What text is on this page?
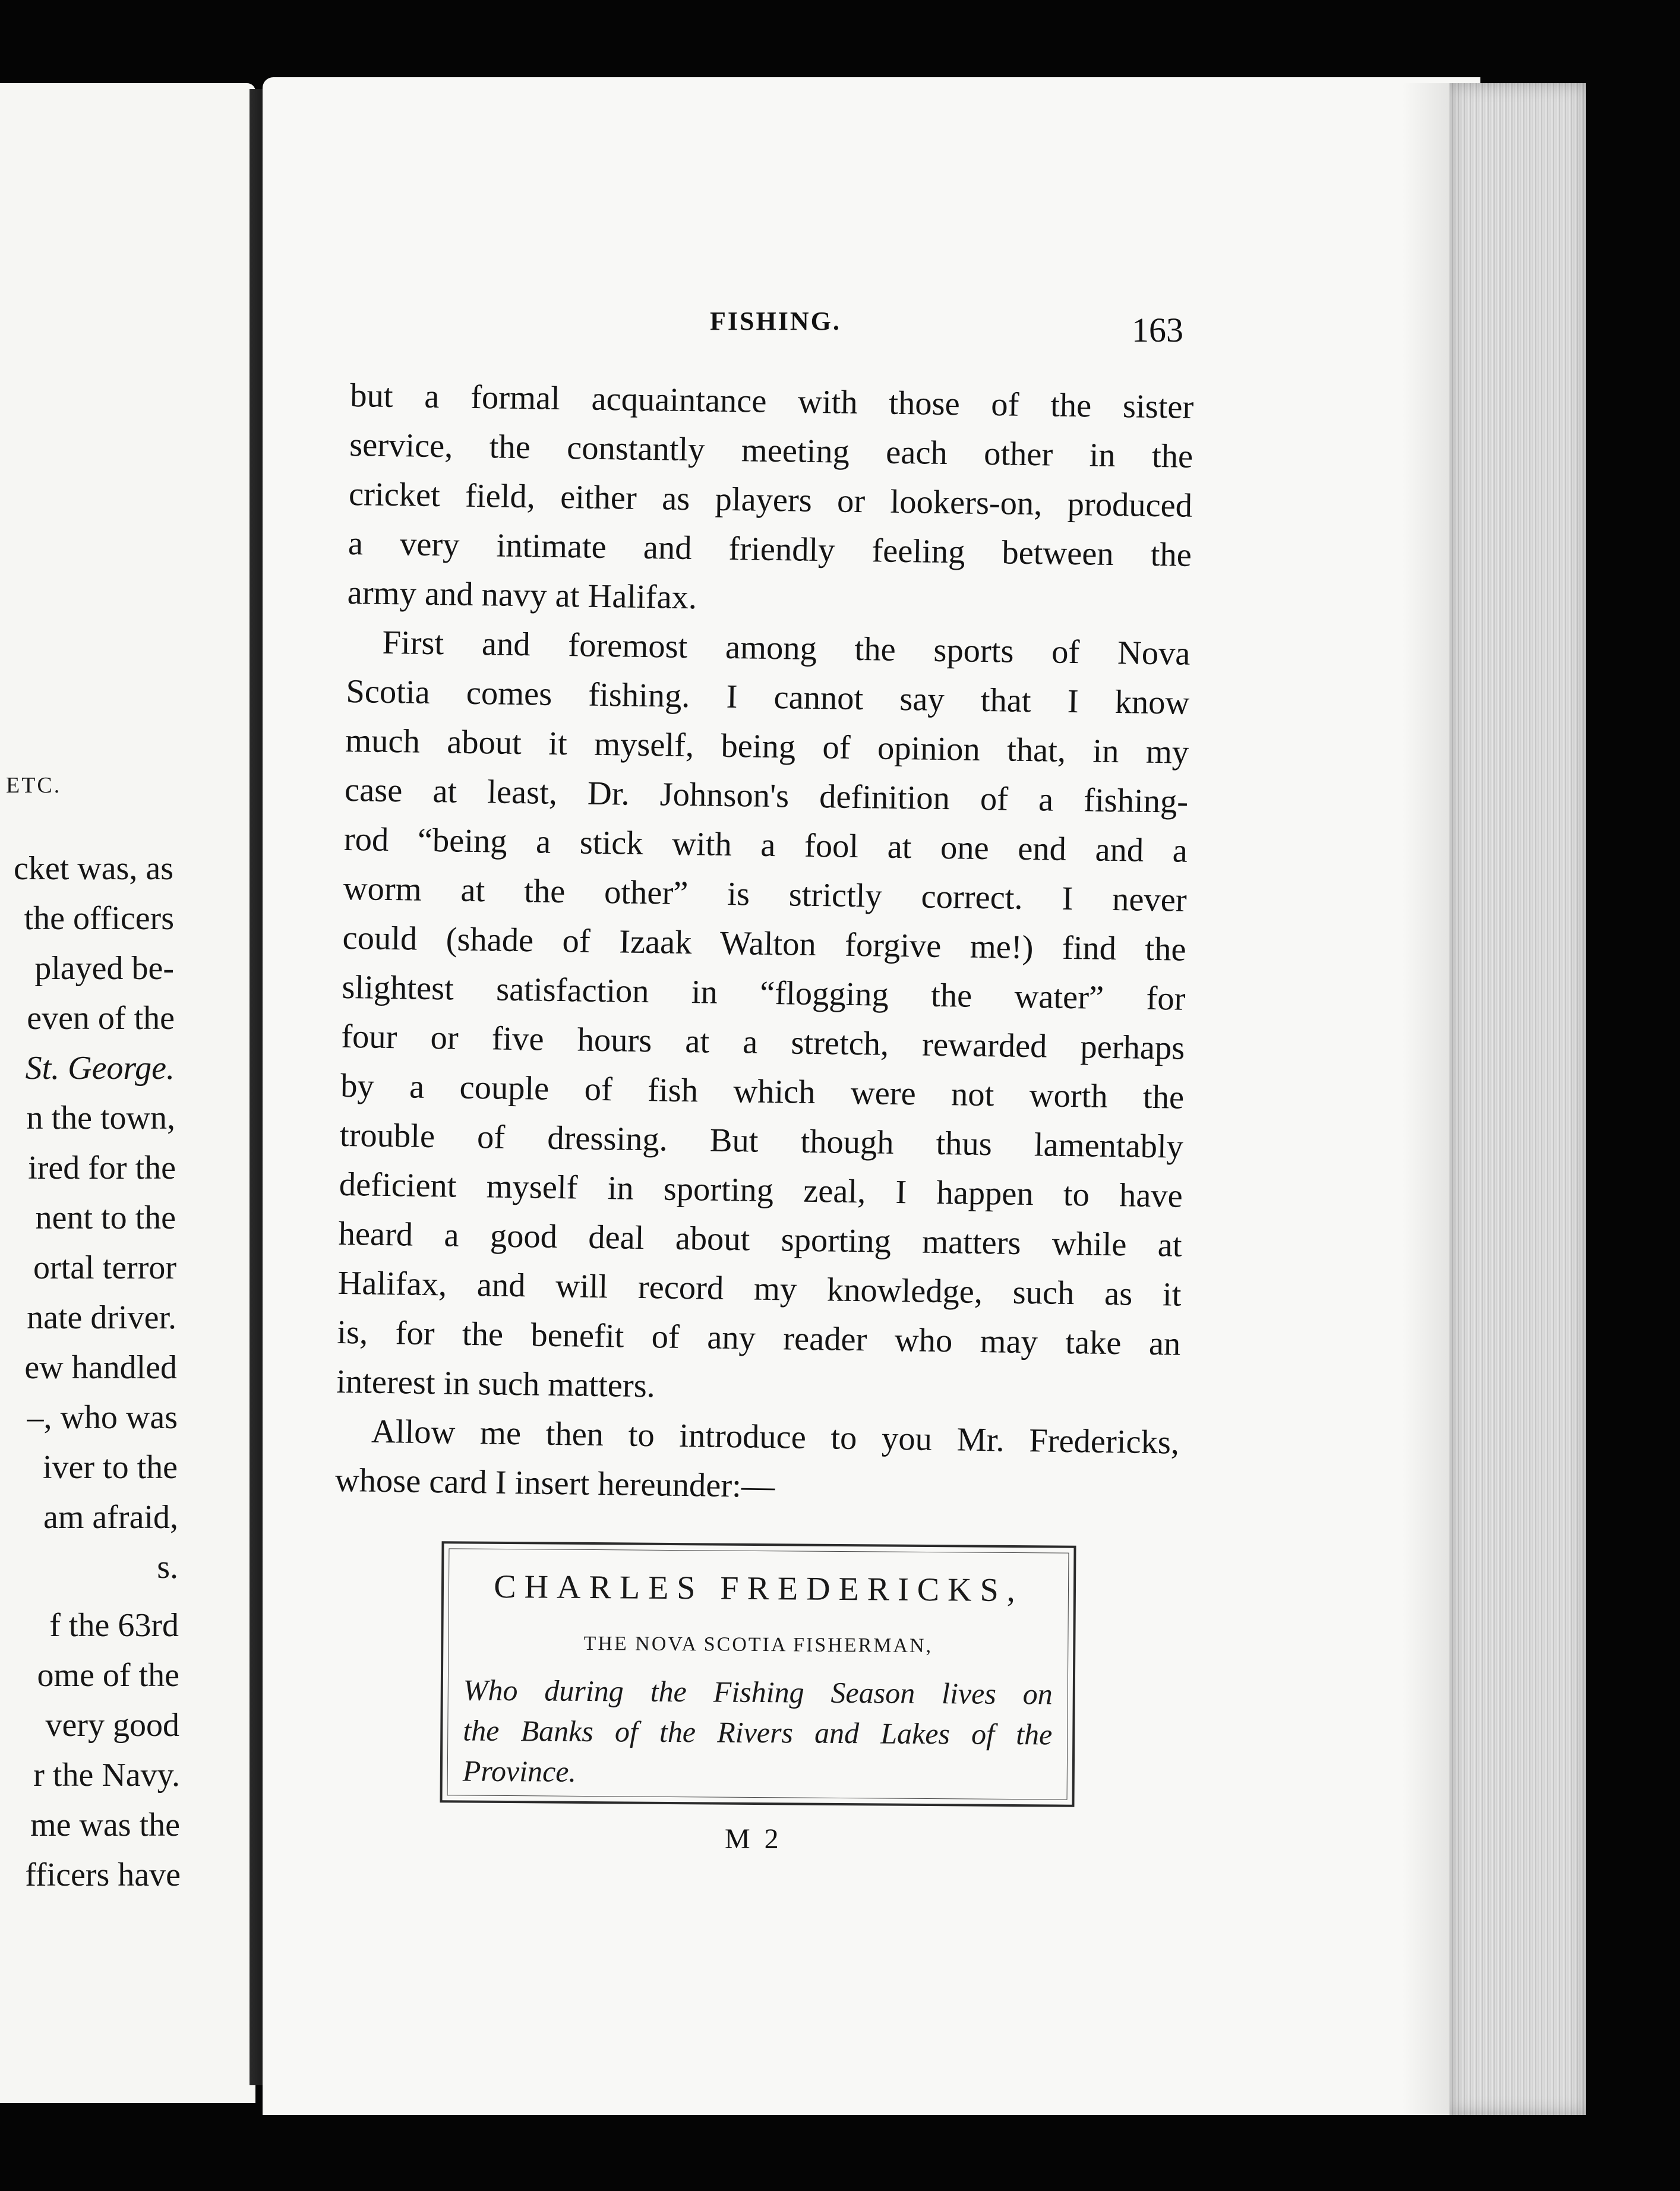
ETC.
cket was, as
the officers
played be-
even of the
St. George.
n the town,
ired for the
nent to the
ortal terror
nate driver.
ew handled
–, who was
iver to the
am afraid,
s.
f the 63rd
ome of the
very good
r the Navy.
me was the
fficers have
FISHING.	163
but a formal acquaintance with those of the sister
service, the constantly meeting each other in the
cricket field, either as players or lookers-on, produced
a very intimate and friendly feeling between the
army and navy at Halifax.
First and foremost among the sports of Nova
Scotia comes fishing. I cannot say that I know
much about it myself, being of opinion that, in my
case at least, Dr. Johnson's definition of a fishing-
rod “being a stick with a fool at one end and a
worm at the other” is strictly correct. I never
could (shade of Izaak Walton forgive me!) find the
slightest satisfaction in “flogging the water” for
four or five hours at a stretch, rewarded perhaps
by a couple of fish which were not worth the
trouble of dressing. But though thus lamentably
deficient myself in sporting zeal, I happen to have
heard a good deal about sporting matters while at
Halifax, and will record my knowledge, such as it
is, for the benefit of any reader who may take an
interest in such matters.
Allow me then to introduce to you Mr. Fredericks,
whose card I insert hereunder:—
CHARLES FREDERICKS,
THE NOVA SCOTIA FISHERMAN,
Who during the Fishing Season lives on
the Banks of the Rivers and Lakes of the
Province.
M 2
